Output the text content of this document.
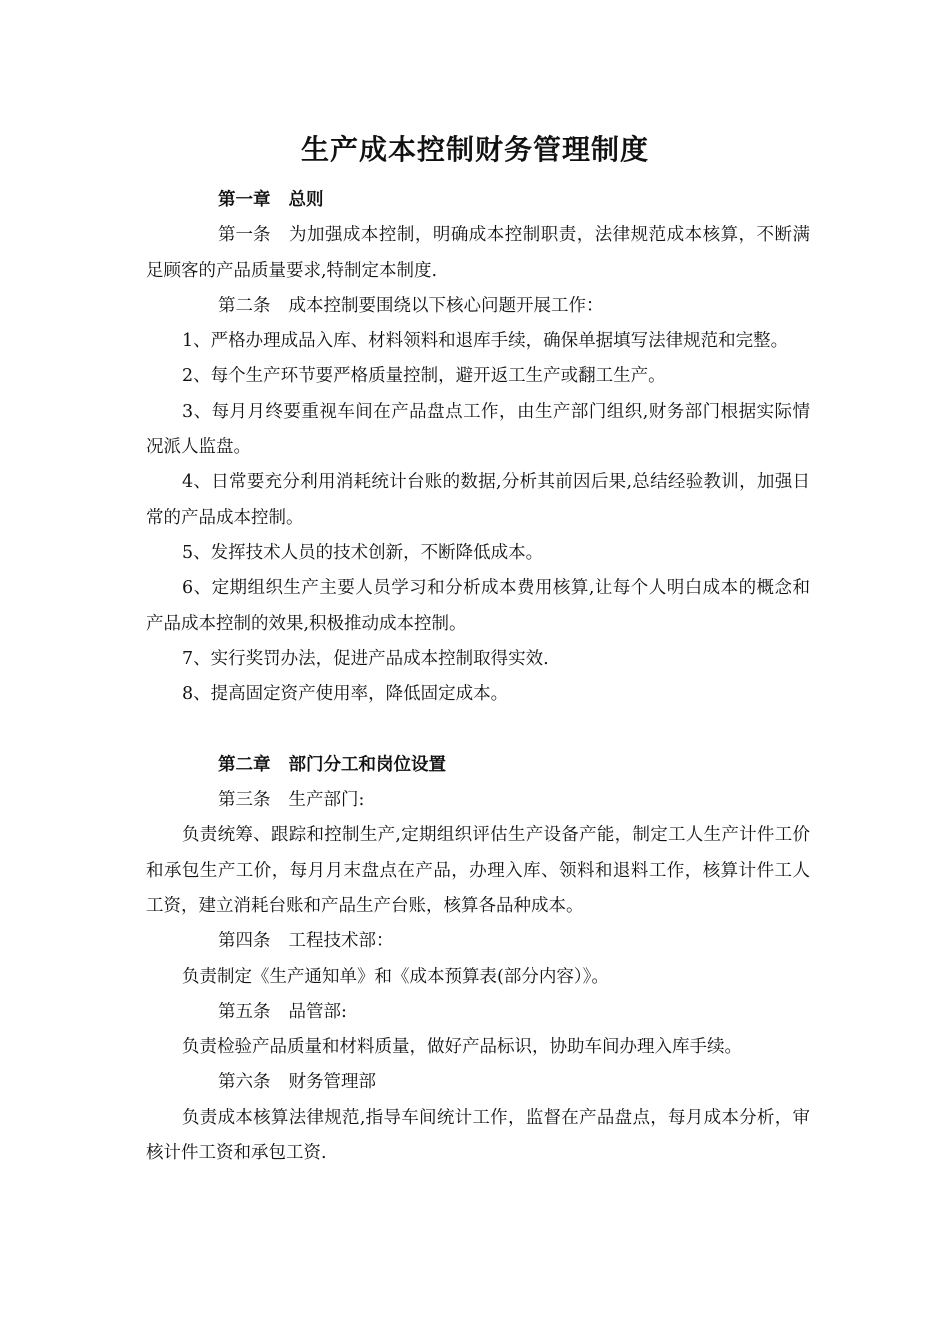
生产成本控制财务管理制度

第一章 总则

第一条 为加强成本控制，明确成本控制职责，法律规范成本核算，不断满足顾客的产品质量要求,特制定本制度.

第二条 成本控制要围绕以下核心问题开展工作：

1、严格办理成品入库、材料领料和退库手续，确保单据填写法律规范和完整。

2、每个生产环节要严格质量控制，避开返工生产或翻工生产。

3、每月月终要重视车间在产品盘点工作，由生产部门组织,财务部门根据实际情况派人监盘。

4、日常要充分利用消耗统计台账的数据,分析其前因后果,总结经验教训，加强日常的产品成本控制。

5、发挥技术人员的技术创新，不断降低成本。

6、定期组织生产主要人员学习和分析成本费用核算,让每个人明白成本的概念和产品成本控制的效果,积极推动成本控制。

7、实行奖罚办法，促进产品成本控制取得实效.

8、提高固定资产使用率，降低固定成本。

第二章 部门分工和岗位设置

第三条 生产部门:

负责统筹、跟踪和控制生产,定期组织评估生产设备产能，制定工人生产计件工价和承包生产工价，每月月末盘点在产品，办理入库、领料和退料工作，核算计件工人工资，建立消耗台账和产品生产台账，核算各品种成本。

第四条 工程技术部：

负责制定《生产通知单》和《成本预算表(部分内容）》。

第五条 品管部:

负责检验产品质量和材料质量，做好产品标识，协助车间办理入库手续。

第六条 财务管理部

负责成本核算法律规范,指导车间统计工作，监督在产品盘点，每月成本分析，审核计件工资和承包工资.
